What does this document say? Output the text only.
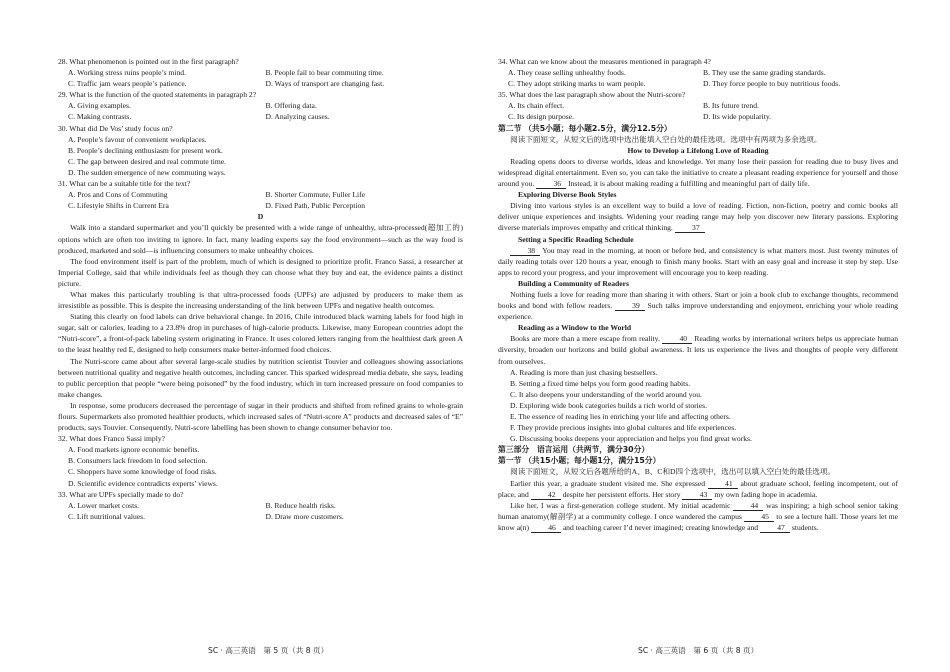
28. What phenomenon is pointed out in the first paragraph?

A. Working stress ruins people’s mind.	B. People fail to bear commuting time.
C. Traffic jam wears people’s patience.	D. Ways of transport are changing fast.

29. What is the function of the quoted statements in paragraph 2?

A. Giving examples.	B. Offering data.
C. Making contrasts.	D. Analyzing causes.

30. What did De Vos’ study focus on?

A. People’s favour of convenient workplaces.
B. People’s declining enthusiasm for present work.
C. The gap between desired and real commute time.
D. The sudden emergence of new commuting ways.

31. What can be a suitable title for the text?

A. Pros and Cons of Commuting	B. Shorter Commute, Fuller Life
C. Lifestyle Shifts in Current Era	D. Fixed Path, Public Perception

D

Walk into a standard supermarket and you’ll quickly be presented with a wide range of unhealthy, ultra-processed(超加工的) options which are often too inviting to ignore. In fact, many leading experts say the food environment—such as the way food is produced, marketed and sold—is influencing consumers to make unhealthy choices.

The food environment itself is part of the problem, much of which is designed to prioritize profit. Franco Sassi, a researcher at Imperial College, said that while individuals feel as though they can choose what they buy and eat, the evidence paints a distinct picture.

What makes this particularly troubling is that ultra-processed foods (UPFs) are adjusted by producers to make them as irresistible as possible. This is despite the increasing understanding of the link between UPFs and negative health outcomes.

Stating this clearly on food labels can drive behavioral change. In 2016, Chile introduced black warning labels for food high in sugar, salt or calories, leading to a 23.8% drop in purchases of high-calorie products. Likewise, many European countries adopt the “Nutri-score”, a front-of-pack labeling system originating in France. It uses colored letters ranging from the healthiest dark green A to the least healthy red E, designed to help consumers make better-informed food choices.

The Nutri-score came about after several large-scale studies by nutrition scientist Touvier and colleagues showing associations between nutritional quality and negative health outcomes, including cancer. This sparked widespread media debate, she says, leading to public perception that people “were being poisoned” by the food industry, which in turn increased pressure on food companies to make changes.

In response, some producers decreased the percentage of sugar in their products and shifted from refined grains to whole-grain flours. Supermarkets also promoted healthier products, which increased sales of “Nutri-score A” products and decreased sales of “E” products, says Touvier. Consequently, Nutri-score labelling has been shown to change consumer behavior too.

32. What does Franco Sassi imply?

A. Food markets ignore economic benefits.
B. Consumers lack freedom in food selection.
C. Shoppers have some knowledge of food risks.
D. Scientific evidence contradicts experts’ views.

33. What are UPFs specially made to do?

A. Lower market costs.	B. Reduce health risks.
C. Lift nutritional values.	D. Draw more customers.

34. What can we know about the measures mentioned in paragraph 4?

A. They cease selling unhealthy foods.	B. They use the same grading standards.
C. They adopt striking marks to warn people.	D. They force people to buy nutritious foods.

35. What does the last paragraph show about the Nutri-score?

A. Its chain effect.	B. Its future trend.
C. Its design purpose.	D. Its wide popularity.

第二节 （共5小题；每小题2.5分，满分12.5分）

阅读下面短文，从短文后的选项中选出能填入空白处的最佳选项。选项中有两项为多余选项。

How to Develop a Lifelong Love of Reading

Reading opens doors to diverse worlds, ideas and knowledge. Yet many lose their passion for reading due to busy lives and widespread digital entertainment. Even so, you can take the initiative to create a pleasant reading experience for yourself and those around you.	36 Instead, it is about making reading a fulfilling and meaningful part of daily life.

Exploring Diverse Book Styles

Diving into various styles is an excellent way to build a love of reading. Fiction, non-fiction, poetry and comic books all deliver unique experiences and insights. Widening your reading range may help you discover new literary passions. Exploring diverse materials improves empathy and critical thinking.	37

Setting a Specific Reading Schedule

38 You may read in the morning, at noon or before bed, and consistency is what matters most. Just twenty minutes of daily reading totals over 120 hours a year, enough to finish many books. Start with an easy goal and increase it step by step. Use apps to record your progress, and your improvement will encourage you to keep reading.

Building a Community of Readers

Nothing fuels a love for reading more than sharing it with others. Start or join a book club to exchange thoughts, recommend books and bond with fellow readers.	39 Such talks improve understanding and enjoyment, enriching your whole reading experience.

Reading as a Window to the World

Books are more than a mere escape from reality.	40 Reading works by international writers helps us appreciate human diversity, broaden our horizons and build global awareness. It lets us experience the lives and thoughts of people very different from ourselves.

A. Reading is more than just chasing bestsellers.
B. Setting a fixed time helps you form good reading habits.
C. It also deepens your understanding of the world around you.
D. Exploring wide book categories builds a rich world of stories.
E. The essence of reading lies in enriching your life and affecting others.
F. They provide precious insights into global cultures and life experiences.
G. Discussing books deepens your appreciation and helps you find great works.

第三部分　语言运用（共两节，满分30分）

第一节 （共15小题；每小题1分，满分15分）

阅读下面短文，从短文后各题所给的A、B、C和D四个选项中，选出可以填入空白处的最佳选项。

Earlier this year, a graduate student visited me. She expressed	41 about graduate school, feeling incompetent, out of place, and	42 despite her persistent efforts. Her story	43 my own fading hope in academia.

Like her, I was a first-generation college student. My initial academic	44 was inspiring; a high school senior taking human anatomy(解剖学) at a community college. I once wandered the campus	45 to see a lecture hall. Those years let me know a(n)	46 and teaching career I’d never imagined; creating knowledge and	47 students.

SC · 高三英语　第 5 页（共 8 页）	SC · 高三英语　第 6 页（共 8 页）
